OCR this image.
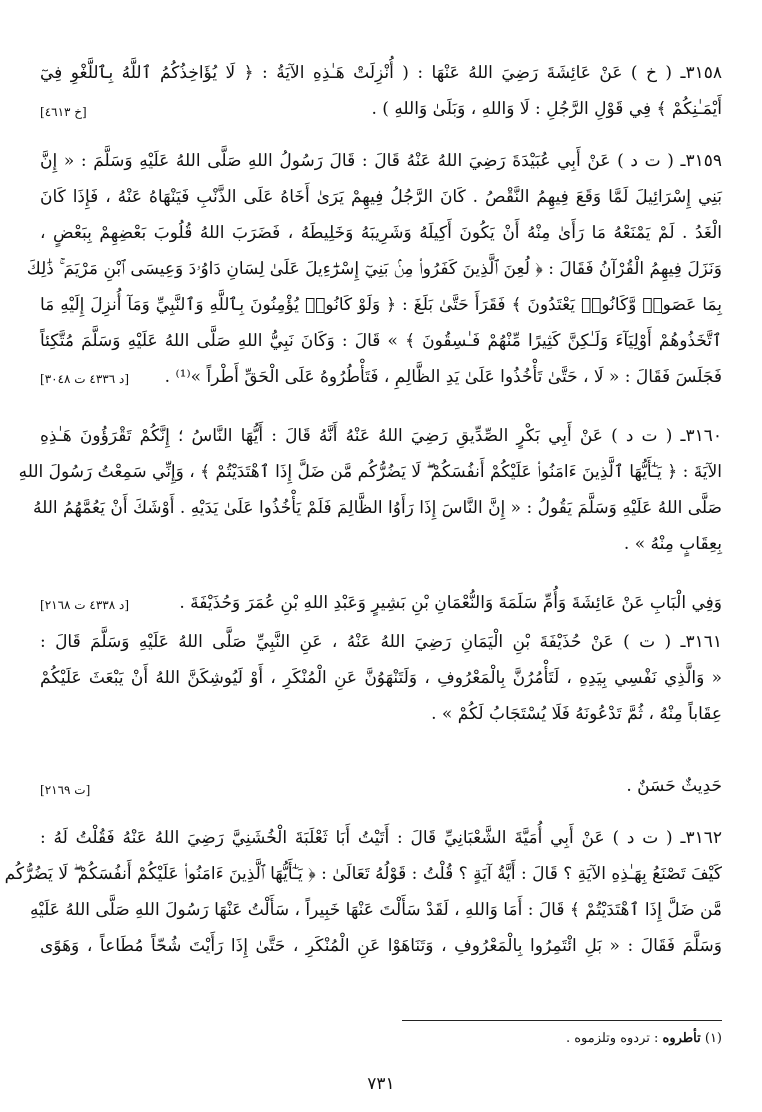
٣١٥٨ـ ( خ ) عَنْ عَائِشَةَ رَضِيَ اللهُ عَنْهَا : ( أُنْزِلَتْ هَـٰذِهِ الآيَةُ : ﴿ لَا يُؤَاخِذُكُمُ ٱللَّهُ بِٱللَّغْوِ فِيٓ
أَيْمَـٰنِكُمْ ﴾ فِي قَوْلِ الرَّجُلِ : لَا وَاللهِ ، وَبَلَىٰ وَاللهِ ) .
[خ ٤٦١٣]
٣١٥٩ـ ( ت د ) عَنْ أَبِي عُبَيْدَةَ رَضِيَ اللهُ عَنْهُ قَالَ : قَالَ رَسُولُ اللهِ صَلَّى اللهُ عَلَيْهِ وَسَلَّمَ : « إِنَّ
بَنِي إِسْرَائِيلَ لَمَّا وَقَعَ فِيهِمُ النَّقْصُ . كَانَ الرَّجُلُ فِيهِمْ يَرَىٰ أَخَاهُ عَلَى الذَّنْبِ فَيَنْهَاهُ عَنْهُ ، فَإِذَا كَانَ
الْغَدُ . لَمْ يَمْنَعْهُ مَا رَأَىٰ مِنْهُ أَنْ يَكُونَ أَكِيلَهُ وَشَرِيبَهُ وَخَلِيطَهُ ، فَضَرَبَ اللهُ قُلُوبَ بَعْضِهِمْ بِبَعْضٍ ،
وَنَزَلَ فِيهِمُ الْقُرْآنُ فَقَالَ : ﴿ لُعِنَ ٱلَّذِينَ كَفَرُوا۟ مِنۢ بَنِيٓ إِسْرَٰٓءِيلَ عَلَىٰ لِسَانِ دَاوُۥدَ وَعِيسَى ٱبْنِ مَرْيَمَ ۚ ذَٰلِكَ
بِمَا عَصَوا۟ وَّكَانُوا۟ يَعْتَدُونَ ﴾ فَقَرَأَ حَتَّىٰ بَلَغَ : ﴿ وَلَوْ كَانُوا۟ يُؤْمِنُونَ بِٱللَّهِ وَٱلنَّبِيِّ وَمَآ أُنزِلَ إِلَيْهِ مَا
ٱتَّخَذُوهُمْ أَوْلِيَآءَ وَلَـٰكِنَّ كَثِيرًا مِّنْهُمْ فَـٰسِقُونَ ﴾ » قَالَ : وَكَانَ نَبِيُّ اللهِ صَلَّى اللهُ عَلَيْهِ وَسَلَّمَ مُتَّكِئاً
فَجَلَسَ فَقَالَ : « لَا ، حَتَّىٰ تَأْخُذُوا عَلَىٰ يَدِ الظَّالِمِ ، فَتَأْطُرُوهُ عَلَى الْحَقِّ أَطْراً »⁽¹⁾ .
[د ٤٣٣٦ ت ٣٠٤٨]
٣١٦٠ـ ( ت د ) عَنْ أَبِي بَكْرٍ الصِّدِّيقِ رَضِيَ اللهُ عَنْهُ أَنَّهُ قَالَ : أَيُّهَا النَّاسُ ؛ إِنَّكُمْ تَقْرَؤُونَ هَـٰذِهِ
الآيَةَ : ﴿ يَـٰٓأَيُّهَا ٱلَّذِينَ ءَامَنُوا۟ عَلَيْكُمْ أَنفُسَكُمْ ۖ لَا يَضُرُّكُم مَّن ضَلَّ إِذَا ٱهْتَدَيْتُمْ ﴾ ، وَإِنِّي سَمِعْتُ رَسُولَ اللهِ
صَلَّى اللهُ عَلَيْهِ وَسَلَّمَ يَقُولُ : « إِنَّ النَّاسَ إِذَا رَأَوُا الظَّالِمَ فَلَمْ يَأْخُذُوا عَلَىٰ يَدَيْهِ . أَوْشَكَ أَنْ يَعُمَّهُمُ اللهُ
بِعِقَابٍ مِنْهُ » .
وَفِي الْبَابِ عَنْ عَائِشَةَ وَأُمِّ سَلَمَةَ وَالنُّعْمَانِ بْنِ بَشِيرٍ وَعَبْدِ اللهِ بْنِ عُمَرَ وَحُذَيْفَةَ .
[د ٤٣٣٨ ت ٢١٦٨]
٣١٦١ـ ( ت ) عَنْ حُذَيْفَةَ بْنِ الْيَمَانِ رَضِيَ اللهُ عَنْهُ ، عَنِ النَّبِيِّ صَلَّى اللهُ عَلَيْهِ وَسَلَّمَ قَالَ :
« وَالَّذِي نَفْسِي بِيَدِهِ ، لَتَأْمُرُنَّ بِالْمَعْرُوفِ ، وَلَتَنْهَوُنَّ عَنِ الْمُنْكَرِ ، أَوْ لَيُوشِكَنَّ اللهُ أَنْ يَبْعَثَ عَلَيْكُمْ
عِقَاباً مِنْهُ ، ثُمَّ تَدْعُونَهُ فَلَا يُسْتَجَابُ لَكُمْ » .
حَدِيثٌ حَسَنٌ .
[ت ٢١٦٩]
٣١٦٢ـ ( ت د ) عَنْ أَبِي أُمَيَّةَ الشَّعْبَانِيِّ قَالَ : أَتَيْتُ أَبَا ثَعْلَبَةَ الْخُشَنِيَّ رَضِيَ اللهُ عَنْهُ فَقُلْتُ لَهُ :
كَيْفَ تَصْنَعُ بِهَـٰذِهِ الآيَةِ ؟ قَالَ : أَيَّةُ آيَةٍ ؟ قُلْتُ : قَوْلُهُ تَعَالَىٰ : ﴿ يَـٰٓأَيُّهَا ٱلَّذِينَ ءَامَنُوا۟ عَلَيْكُمْ أَنفُسَكُمْ ۖ لَا يَضُرُّكُم
مَّن ضَلَّ إِذَا ٱهْتَدَيْتُمْ ﴾ قَالَ : أَمَا وَاللهِ ، لَقَدْ سَأَلْتَ عَنْهَا خَبِيراً ، سَأَلْتُ عَنْهَا رَسُولَ اللهِ صَلَّى اللهُ عَلَيْهِ
وَسَلَّمَ فَقَالَ : « بَلِ ائْتَمِرُوا بِالْمَعْرُوفِ ، وَتَنَاهَوْا عَنِ الْمُنْكَرِ ، حَتَّىٰ إِذَا رَأَيْتَ شُحّاً مُطَاعاً ، وَهَوًى
(١) تأطروه : تردوه وتلزموه .
٧٣١
